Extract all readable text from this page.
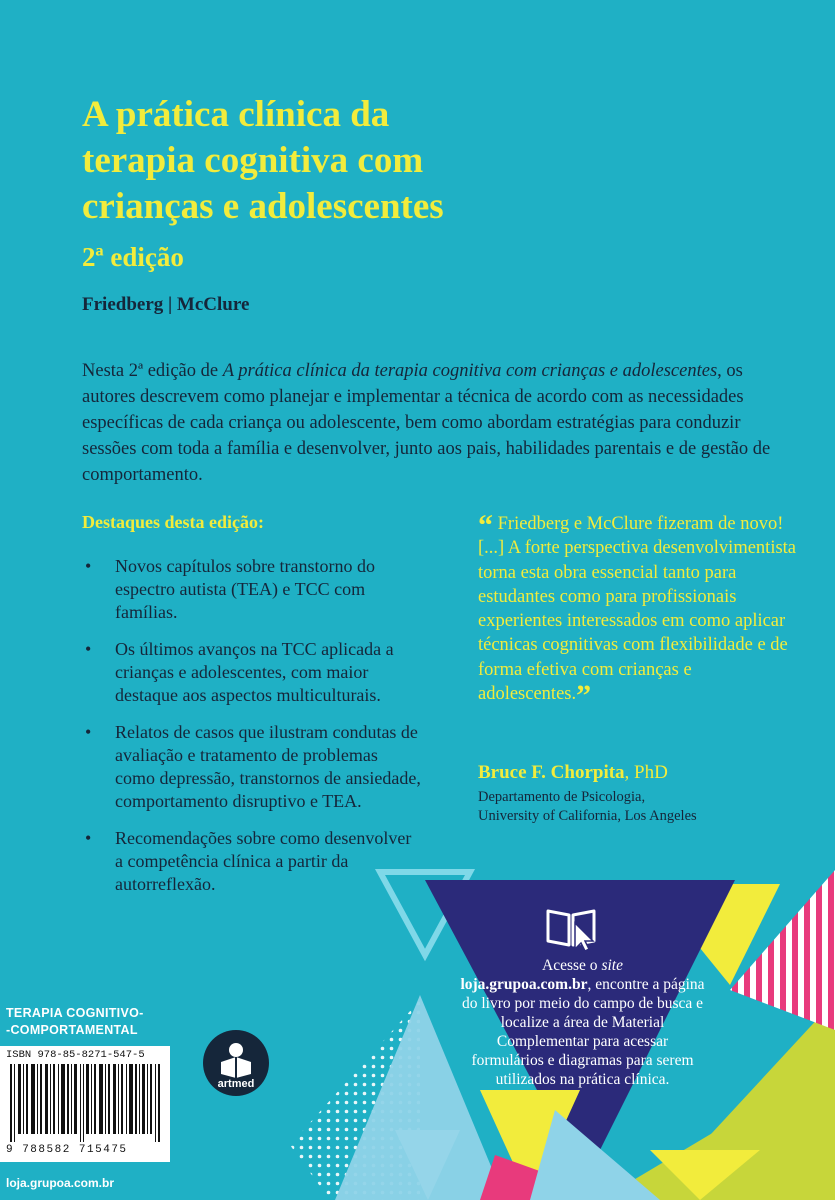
A prática clínica da
terapia cognitiva com
crianças e adolescentes
2ª edição
Friedberg | McClure
Nesta 2ª edição de A prática clínica da terapia cognitiva com crianças e adolescentes, os autores descrevem como planejar e implementar a técnica de acordo com as necessidades específicas de cada criança ou adolescente, bem como abordam estratégias para conduzir sessões com toda a família e desenvolver, junto aos pais, habilidades parentais e de gestão de comportamento.
Destaques desta edição:
• Novos capítulos sobre transtorno do espectro autista (TEA) e TCC com famílias.
• Os últimos avanços na TCC aplicada a crianças e adolescentes, com maior destaque aos aspectos multiculturais.
• Relatos de casos que ilustram condutas de avaliação e tratamento de problemas como depressão, transtornos de ansiedade, comportamento disruptivo e TEA.
• Recomendações sobre como desenvolver a competência clínica a partir da autorreflexão.
“ Friedberg e McClure fizeram de novo! [...] A forte perspectiva desenvolvimentista torna esta obra essencial tanto para estudantes como para profissionais experientes interessados em como aplicar técnicas cognitivas com flexibilidade e de forma efetiva com crianças e adolescentes.”
Bruce F. Chorpita, PhD
Departamento de Psicologia,
University of California, Los Angeles
Acesse o site
loja.grupoa.com.br, encontre a página do livro por meio do campo de busca e localize a área de Material Complementar para acessar formulários e diagramas para serem utilizados na prática clínica.
TERAPIA COGNITIVO-
-COMPORTAMENTAL
ISBN 978-85-8271-547-5
9 788582 715475
artmed
loja.grupoa.com.br
